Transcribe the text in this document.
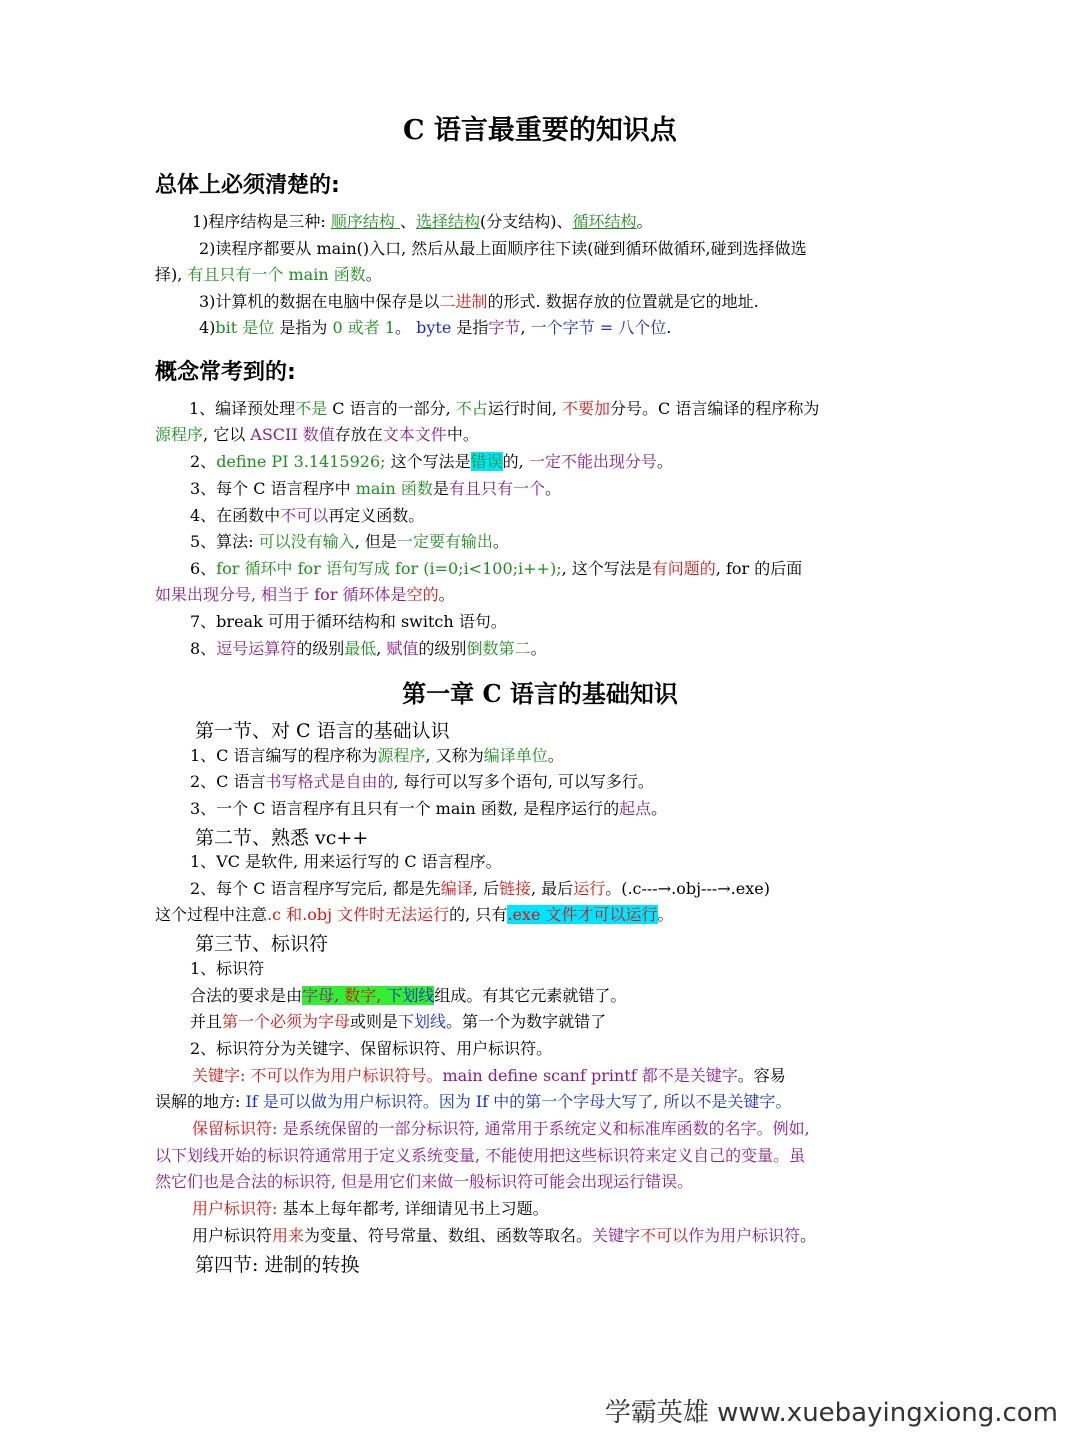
C 语言最重要的知识点
总体上必须清楚的:
1)程序结构是三种: 顺序结构 、选择结构(分支结构)、循环结构。
2)读程序都要从 main()入口, 然后从最上面顺序往下读(碰到循环做循环,碰到选择做选
择), 有且只有一个 main 函数。
3)计算机的数据在电脑中保存是以二进制的形式. 数据存放的位置就是它的地址.
4)bit 是位 是指为 0 或者 1。 byte 是指字节, 一个字节 = 八个位.
概念常考到的:
1、编译预处理不是 C 语言的一部分, 不占运行时间, 不要加分号。C 语言编译的程序称为
源程序, 它以 ASCII 数值存放在文本文件中。
2、define PI 3.1415926; 这个写法是错误的, 一定不能出现分号。
3、每个 C 语言程序中 main 函数是有且只有一个。
4、在函数中不可以再定义函数。
5、算法: 可以没有输入, 但是一定要有输出。
6、for 循环中 for 语句写成 for (i=0;i<100;i++);, 这个写法是有问题的, for 的后面
如果出现分号, 相当于 for 循环体是空的。
7、break 可用于循环结构和 switch 语句。
8、逗号运算符的级别最低, 赋值的级别倒数第二。
第一章 C 语言的基础知识
第一节、对 C 语言的基础认识
1、C 语言编写的程序称为源程序, 又称为编译单位。
2、C 语言书写格式是自由的, 每行可以写多个语句, 可以写多行。
3、一个 C 语言程序有且只有一个 main 函数, 是程序运行的起点。
第二节、熟悉 vc++
1、VC 是软件, 用来运行写的 C 语言程序。
2、每个 C 语言程序写完后, 都是先编译, 后链接, 最后运行。(.c---→.obj---→.exe)
这个过程中注意.c 和.obj 文件时无法运行的, 只有.exe 文件才可以运行。
第三节、标识符
1、标识符
合法的要求是由字母, 数字, 下划线组成。有其它元素就错了。
并且第一个必须为字母或则是下划线。第一个为数字就错了
2、标识符分为关键字、保留标识符、用户标识符。
关键字: 不可以作为用户标识符号。main define scanf printf 都不是关键字。容易
误解的地方: If 是可以做为用户标识符。因为 If 中的第一个字母大写了, 所以不是关键字。
保留标识符: 是系统保留的一部分标识符, 通常用于系统定义和标准库函数的名字。例如,
以下划线开始的标识符通常用于定义系统变量, 不能使用把这些标识符来定义自己的变量。虽
然它们也是合法的标识符, 但是用它们来做一般标识符可能会出现运行错误。
用户标识符: 基本上每年都考, 详细请见书上习题。
用户标识符用来为变量、符号常量、数组、函数等取名。关键字不可以作为用户标识符。
第四节: 进制的转换
学霸英雄 www.xuebayingxiong.com
